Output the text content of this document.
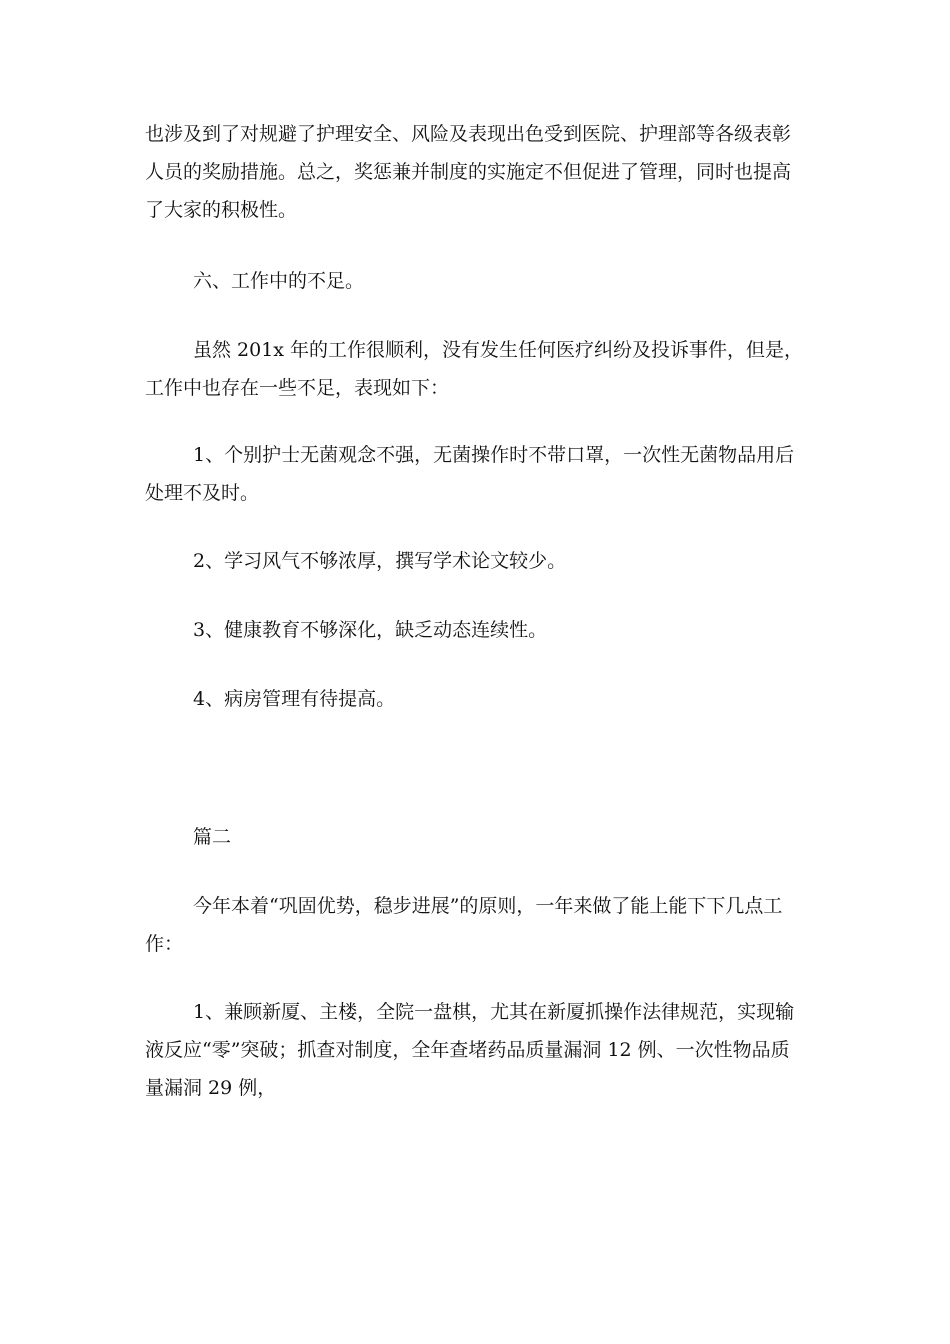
也涉及到了对规避了护理安全、风险及表现出色受到医院、护理部等各级表彰
人员的奖励措施。总之，奖惩兼并制度的实施定不但促进了管理，同时也提高
了大家的积极性。

六、工作中的不足。

虽然 201x 年的工作很顺利，没有发生任何医疗纠纷及投诉事件，但是，
工作中也存在一些不足，表现如下：

1、个别护士无菌观念不强，无菌操作时不带口罩，一次性无菌物品用后
处理不及时。

2、学习风气不够浓厚，撰写学术论文较少。

3、健康教育不够深化，缺乏动态连续性。

4、病房管理有待提高。

篇二

今年本着“巩固优势，稳步进展”的原则，一年来做了能上能下下几点工
作：

1、兼顾新厦、主楼，全院一盘棋，尤其在新厦抓操作法律规范，实现输
液反应“零”突破；抓查对制度，全年查堵药品质量漏洞 12 例、一次性物品质
量漏洞 29 例，
